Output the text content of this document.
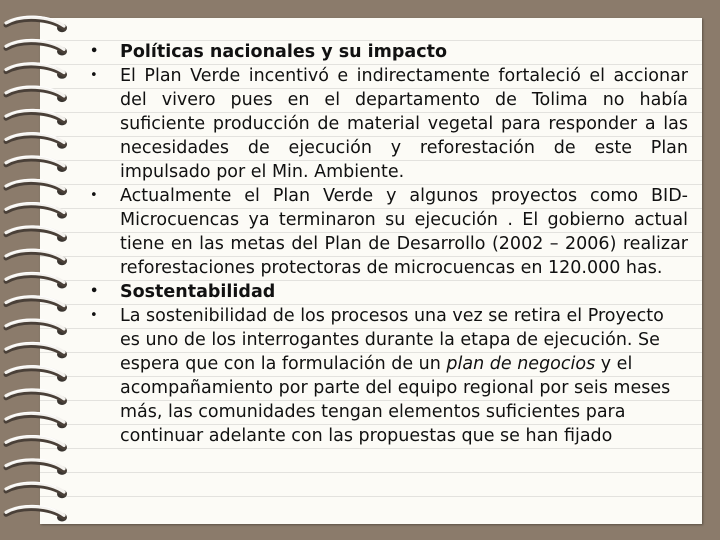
• Políticas nacionales y su impacto
• El Plan Verde incentivó e indirectamente fortaleció el accionar del vivero pues en el departamento de Tolima no había suficiente producción de material vegetal para responder a las necesidades de ejecución y reforestación de este Plan impulsado por el Min. Ambiente.
• Actualmente el Plan Verde y algunos proyectos como BID-Microcuencas ya terminaron su ejecución . El gobierno actual tiene en las metas del Plan de Desarrollo (2002 – 2006) realizar reforestaciones protectoras de microcuencas en 120.000 has.
• Sostentabilidad
• La sostenibilidad de los procesos una vez se retira el Proyecto es uno de los interrogantes durante la etapa de ejecución. Se espera que con la formulación de un plan de negocios y el acompañamiento por parte del equipo regional por seis meses más, las comunidades tengan elementos suficientes para continuar adelante con las propuestas que se han fijado
